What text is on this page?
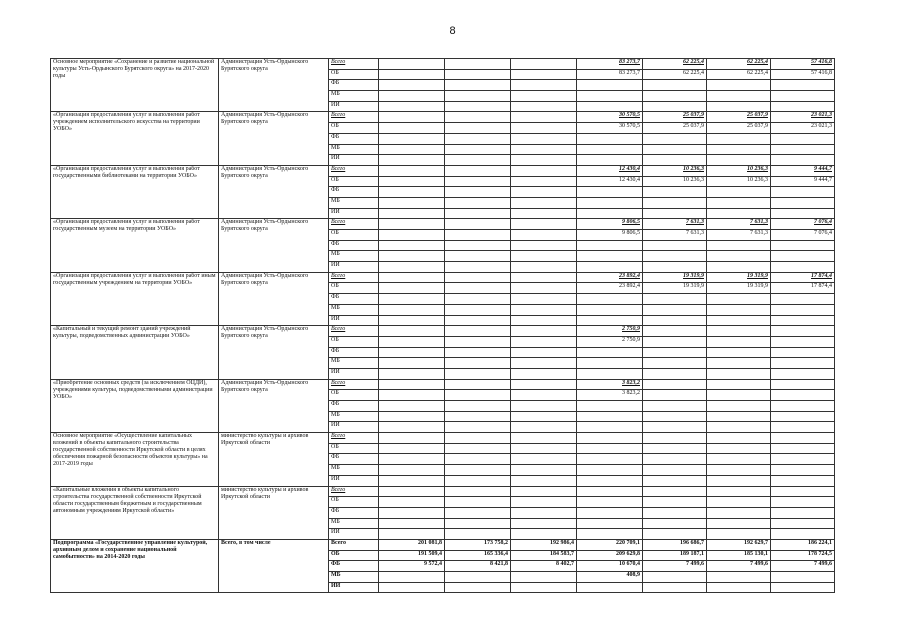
8
Основное мероприятие «Сохранение и развитие национальной культуры Усть-Ордынского Бурятского округа» на 2017-2020 годы	Администрация Усть-Ордынского Бурятского округа	Всего				83 273,7	62 225,4	62 225,4	57 416,8
		ОБ				83 273,7	62 225,4	62 225,4	57 416,8
		ФБ							
		МБ							
		ИИ							
«Организация предоставления услуг и выполнения работ учреждением исполнительского искусства на территории УОБО»	Администрация Усть-Ордынского Бурятского округа	Всего				30 570,5	25 037,9	25 037,9	23 021,3
		ОБ				30 570,5	25 037,9	25 037,9	23 021,3
		ФБ							
		МБ							
		ИИ							
«Организация предоставления услуг и выполнения работ государственными библиотеками на территории УОБО»	Администрация Усть-Ордынского Бурятского округа	Всего				12 430,4	10 236,3	10 236,3	9 444,7
		ОБ				12 430,4	10 236,3	10 236,3	9 444,7
		ФБ							
		МБ							
		ИИ							
«Организация предоставления услуг и выполнения работ государственным музеем на территории УОБО»	Администрация Усть-Ордынского Бурятского округа	Всего				9 806,5	7 631,3	7 631,3	7 076,4
		ОБ				9 806,5	7 631,3	7 631,3	7 076,4
		ФБ							
		МБ							
		ИИ							
«Организация предоставления услуг и выполнения работ иным государственным учреждением на территории УОБО»	Администрация Усть-Ордынского Бурятского округа	Всего				23 892,4	19 319,9	19 319,9	17 874,4
		ОБ				23 892,4	19 319,9	19 319,9	17 874,4
		ФБ							
		МБ							
		ИИ							
«Капитальный и текущий ремонт зданий учреждений культуры, подведомственных администрации УОБО»	Администрация Усть-Ордынского Бурятского округа	Всего				2 750,9			
		ОБ				2 750,9			
		ФБ							
		МБ							
		ИИ							
«Приобретение основных средств (за исключением ОЦДИ), учреждениями культуры, подведомственными администрации УОБО»	Администрация Усть-Ордынского Бурятского округа	Всего				3 823,2			
		ОБ				3 823,2			
		ФБ							
		МБ							
		ИИ							
Основное мероприятие «Осуществление капитальных вложений в объекты капитального строительства государственной собственности Иркутской области в целях обеспечения пожарной безопасности объектов культуры» на 2017-2019 годы	министерство культуры и архивов Иркутской области	Всего							
		ОБ							
		ФБ							
		МБ							
		ИИ							
«Капитальные вложения в объекты капитального строительства государственной собственности Иркутской области государственным бюджетным и государственным автономным учреждениям Иркутской области»	министерство культуры и архивов Иркутской области	Всего							
		ОБ							
		ФБ							
		МБ							
		ИИ							
Подпрограмма «Государственное управление культурой, архивным делом и сохранение национальной самобытности» на 2014-2020 годы	Всего, в том числе	Всего	201 081,8	173 758,2	192 986,4	220 709,1	196 686,7	192 629,7	186 224,1
		ОБ	191 509,4	165 336,4	184 583,7	209 629,8	189 187,1	185 130,1	178 724,5
		ФБ	9 572,4	8 421,8	8 402,7	10 670,4	7 499,6	7 499,6	7 499,6
		МБ				408,9			
		ИИ							
